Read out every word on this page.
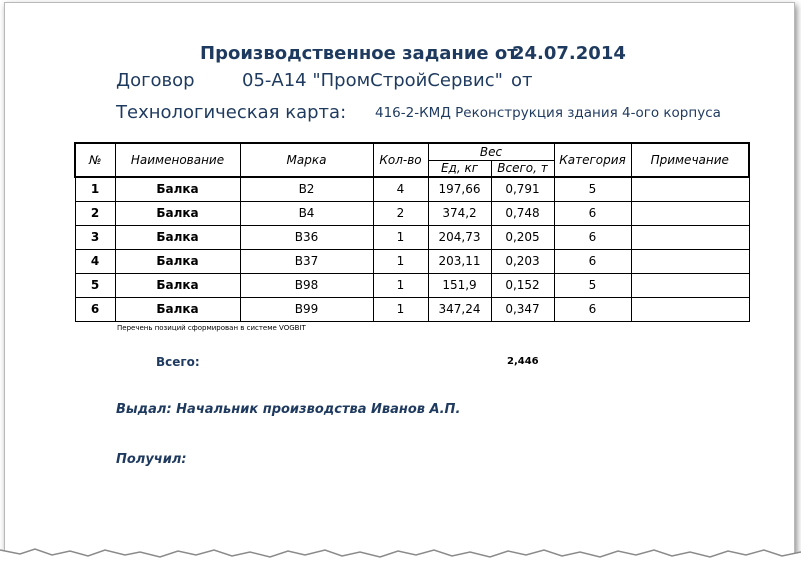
Производственное задание от
24.07.2014
Договор	05-А14 "ПромСтройСервис" от
Технологическая карта: 416-2-КМД Реконструкция здания 4-ого корпуса
№	Наименование	Марка	Кол-во	Вес		Категория	Примечание
				Ед, кг	Всего, т		
1	Балка	B2	4	197,66	0,791	5	
2	Балка	B4	2	374,2	0,748	6	
3	Балка	B36	1	204,73	0,205	6	
4	Балка	B37	1	203,11	0,203	6	
5	Балка	B98	1	151,9	0,152	5	
6	Балка	B99	1	347,24	0,347	6	
Перечень позиций сформирован в системе VOGBIT
Всего:	2,446
Выдал: Начальник производства Иванов А.П.
Получил:
